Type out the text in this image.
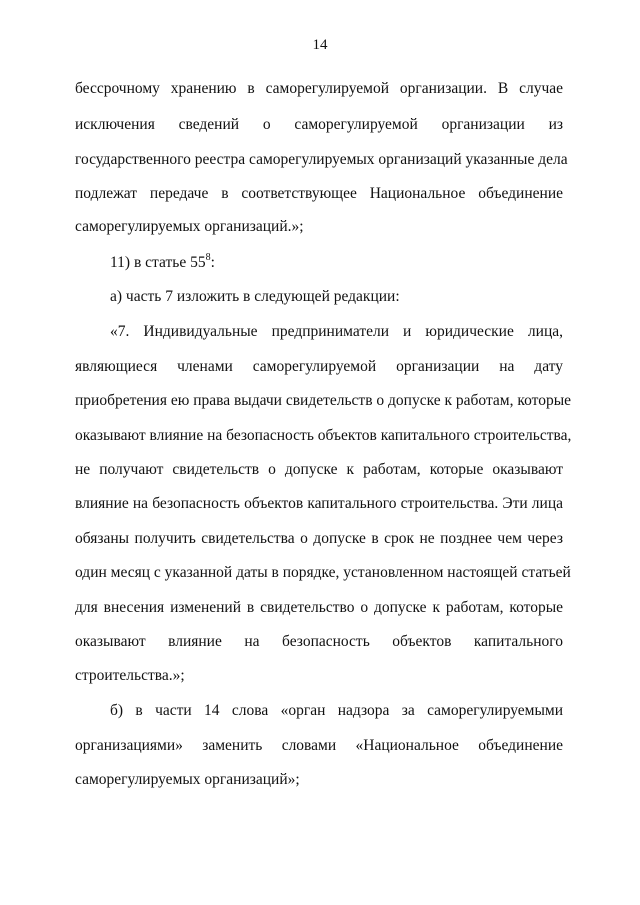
14
бессрочному хранению в саморегулируемой организации. В случае
исключения сведений о саморегулируемой организации из
государственного реестра саморегулируемых организаций указанные дела
подлежат передаче в соответствующее Национальное объединение
саморегулируемых организаций.»;
11) в статье $55^8$:
а) часть 7 изложить в следующей редакции:
«7. Индивидуальные предприниматели и юридические лица,
являющиеся членами саморегулируемой организации на дату
приобретения ею права выдачи свидетельств о допуске к работам, которые
оказывают влияние на безопасность объектов капитального строительства,
не получают свидетельств о допуске к работам, которые оказывают
влияние на безопасность объектов капитального строительства. Эти лица
обязаны получить свидетельства о допуске в срок не позднее чем через
один месяц с указанной даты в порядке, установленном настоящей статьей
для внесения изменений в свидетельство о допуске к работам, которые
оказывают влияние на безопасность объектов капитального
строительства.»;
б) в части 14 слова «орган надзора за саморегулируемыми
организациями» заменить словами «Национальное объединение
саморегулируемых организаций»;
